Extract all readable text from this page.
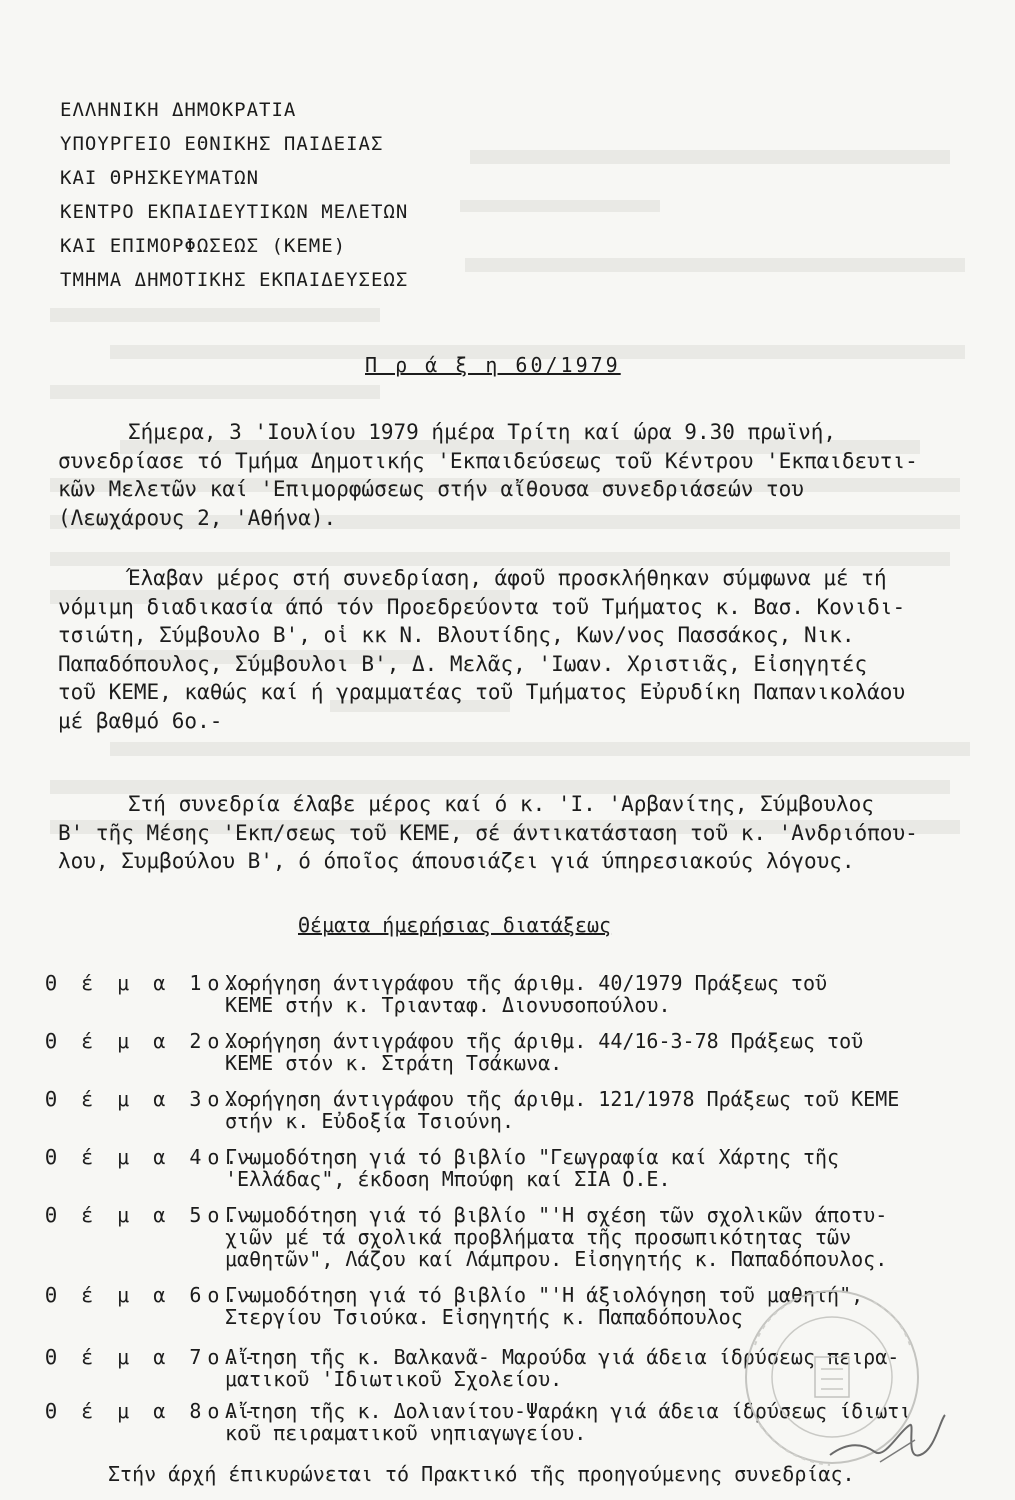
ΕΛΛΗΝΙΚΗ ΔΗΜΟΚΡΑΤΙΑ
ΥΠΟΥΡΓΕΙΟ ΕΘΝΙΚΗΣ ΠΑΙΔΕΙΑΣ
ΚΑΙ ΘΡΗΣΚΕΥΜΑΤΩΝ
ΚΕΝΤΡΟ ΕΚΠΑΙΔΕΥΤΙΚΩΝ ΜΕΛΕΤΩΝ
ΚΑΙ ΕΠΙΜΟΡΦΩΣΕΩΣ (ΚΕΜΕ)
ΤΜΗΜΑ ΔΗΜΟΤΙΚΗΣ ΕΚΠΑΙΔΕΥΣΕΩΣ
Π ρ ά ξ η 60/1979
Σήμερα, 3 'Ιουλίου 1979 ήμέρα Τρίτη καί ώρα 9.30 πρωϊνή,
συνεδρίασε τό Τμήμα Δημοτικής 'Εκπαιδεύσεως τοῦ Κέντρου 'Εκπαιδευτι-
κῶν Μελετῶν καί 'Επιμορφώσεως στήν αἴθουσα συνεδριάσεών του
(Λεωχάρους 2, 'Αθήνα).
Έλαβαν μέρος στή συνεδρίαση, άφοῦ προσκλήθηκαν σύμφωνα μέ τή
νόμιμη διαδικασία άπό τόν Προεδρεύοντα τοῦ Τμήματος κ. Βασ. Κονιδι-
τσιώτη, Σύμβουλο Β', οἱ κκ Ν. Βλουτίδης, Κων/νος Πασσάκος, Νικ.
Παπαδόπουλος, Σύμβουλοι Β', Δ. Μελᾶς, 'Ιωαν. Χριστιᾶς, Εἰσηγητές
τοῦ ΚΕΜΕ, καθώς καί ή γραμματέας τοῦ Τμήματος Εὐρυδίκη Παπανικολάου
μέ βαθμό 6ο.-
Στή συνεδρία έλαβε μέρος καί ό κ. 'Ι. 'Αρβανίτης, Σύμβουλος
Β' τῆς Μέσης 'Εκπ/σεως τοῦ ΚΕΜΕ, σέ άντικατάσταση τοῦ κ. 'Ανδριόπου-
λου, Συμβούλου Β', ό όποῖος άπουσιάζει γιά ύπηρεσιακούς λόγους.
Θέματα ήμερήσιας διατάξεως
Θ έ μ α 1ο.-
Χορήγηση άντιγράφου τῆς άριθμ. 40/1979 Πράξεως τοῦ
ΚΕΜΕ στήν κ. Τριανταφ. Διονυσοπούλου.
Θ έ μ α 2ο.-
Χορήγηση άντιγράφου τῆς άριθμ. 44/16-3-78 Πράξεως τοῦ
ΚΕΜΕ στόν κ. Στράτη Τσάκωνα.
Θ έ μ α 3ο.-
Χορήγηση άντιγράφου τῆς άριθμ. 121/1978 Πράξεως τοῦ ΚΕΜΕ
στήν κ. Εὐδοξία Τσιούνη.
Θ έ μ α 4ο.-
Γνωμοδότηση γιά τό βιβλίο "Γεωγραφία καί Χάρτης τῆς
'Ελλάδας", έκδοση Μπούφη καί ΣΙΑ Ο.Ε.
Θ έ μ α 5ο.-
Γνωμοδότηση γιά τό βιβλίο "'Η σχέση τῶν σχολικῶν άποτυ-
χιῶν μέ τά σχολικά προβλήματα τῆς προσωπικότητας τῶν
μαθητῶν", Λάζου καί Λάμπρου. Εἰσηγητής κ. Παπαδόπουλος.
Θ έ μ α 6ο.-
Γνωμοδότηση γιά τό βιβλίο "'Η άξιολόγηση τοῦ μαθητή",
Στεργίου Τσιούκα. Εἰσηγητής κ. Παπαδόπουλος
Θ έ μ α 7ο.-
Αἴτηση τῆς κ. Βαλκανᾶ- Μαρούδα γιά άδεια ίδρύσεως πειρα-
ματικοῦ 'Ιδιωτικοῦ Σχολείου.
Θ έ μ α 8ο.-
Αἴτηση τῆς κ. Δολιανίτου-Ψαράκη γιά άδεια ίδρύσεως ίδιωτι
κοῦ πειραματικοῦ νηπιαγωγείου.
Στήν άρχή έπικυρώνεται τό Πρακτικό τῆς προηγούμενης συνεδρίας.
